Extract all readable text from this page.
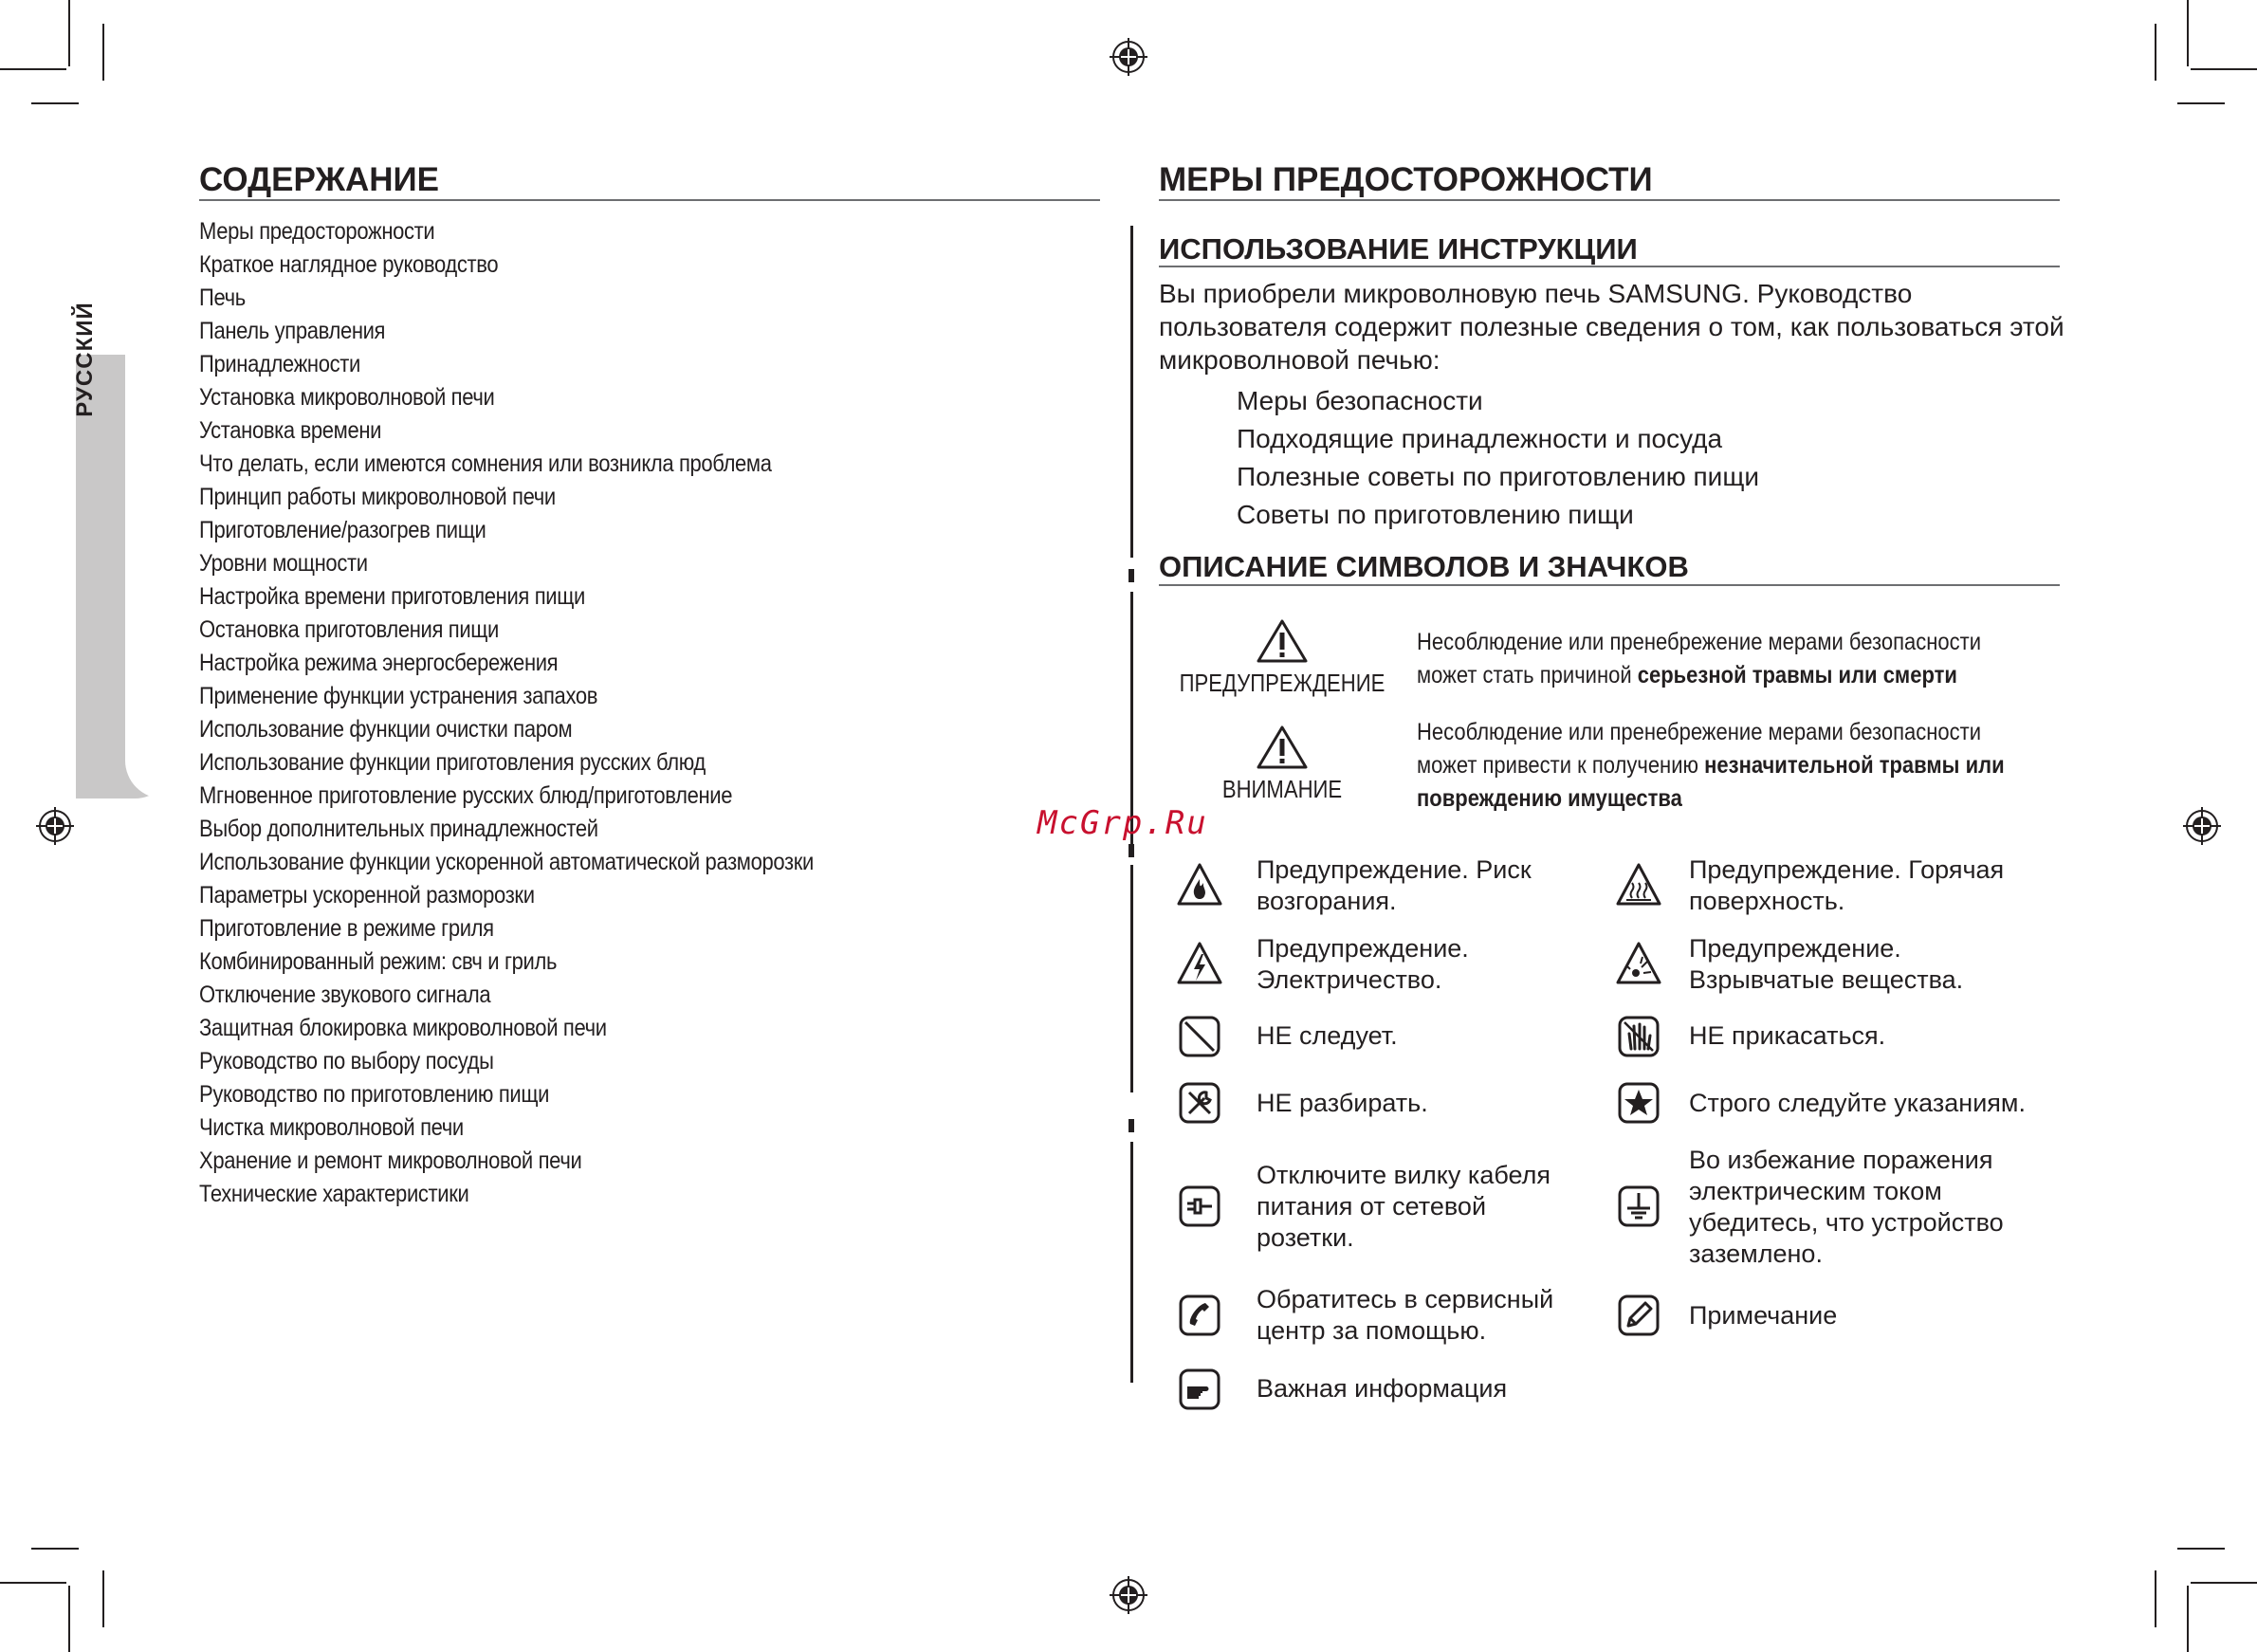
РУССКИЙ
СОДЕРЖАНИЕ
Меры предосторожности
Краткое наглядное руководство
Печь
Панель управления
Принадлежности
Установка микроволновой печи
Установка времени
Что делать, если имеются сомнения или возникла проблема
Принцип работы микроволновой печи
Приготовление/разогрев пищи
Уровни мощности
Настройка времени приготовления пищи
Остановка приготовления пищи
Настройка режима энергосбережения
Применение функции устранения запахов
Использование функции очистки паром
Использование функции приготовления русских блюд
Мгновенное приготовление русских блюд/приготовление
Выбор дополнительных принадлежностей
Использование функции ускоренной автоматической разморозки
Параметры ускоренной разморозки
Приготовление в режиме гриля
Комбинированный режим: свч и гриль
Отключение звукового сигнала
Защитная блокировка микроволновой печи
Руководство по выбору посуды
Руководство по приготовлению пищи
Чистка микроволновой печи
Хранение и ремонт микроволновой печи
Технические характеристики
МЕРЫ ПРЕДОСТОРОЖНОСТИ
ИСПОЛЬЗОВАНИЕ ИНСТРУКЦИИ
Вы приобрели микроволновую печь SAMSUNG. Руководство пользователя содержит полезные сведения о том, как пользоваться этой микроволновой печью:
Меры безопасности
Подходящие принадлежности и посуда
Полезные советы по приготовлению пищи
Советы по приготовлению пищи
ОПИСАНИЕ СИМВОЛОВ И ЗНАЧКОВ
ПРЕДУПРЕЖДЕНИЕ
Несоблюдение или пренебрежение мерами безопасности
может стать причиной серьезной травмы или смерти
ВНИМАНИЕ
Несоблюдение или пренебрежение мерами безопасности
может привести к получению незначительной травмы или
повреждению имущества
Предупреждение. Риск
возгорания.
Предупреждение. Горячая
поверхность.
Предупреждение.
Электричество.
Предупреждение.
Взрывчатые вещества.
НЕ следует.	НЕ прикасаться.
НЕ разбирать.	Строго следуйте указаниям.
Отключите вилку кабеля
питания от сетевой
розетки.
Во избежание поражения
электрическим током
убедитесь, что устройство
заземлено.
Обратитесь в сервисный
центр за помощью.
Примечание
Важная информация
McGrp.Ru
